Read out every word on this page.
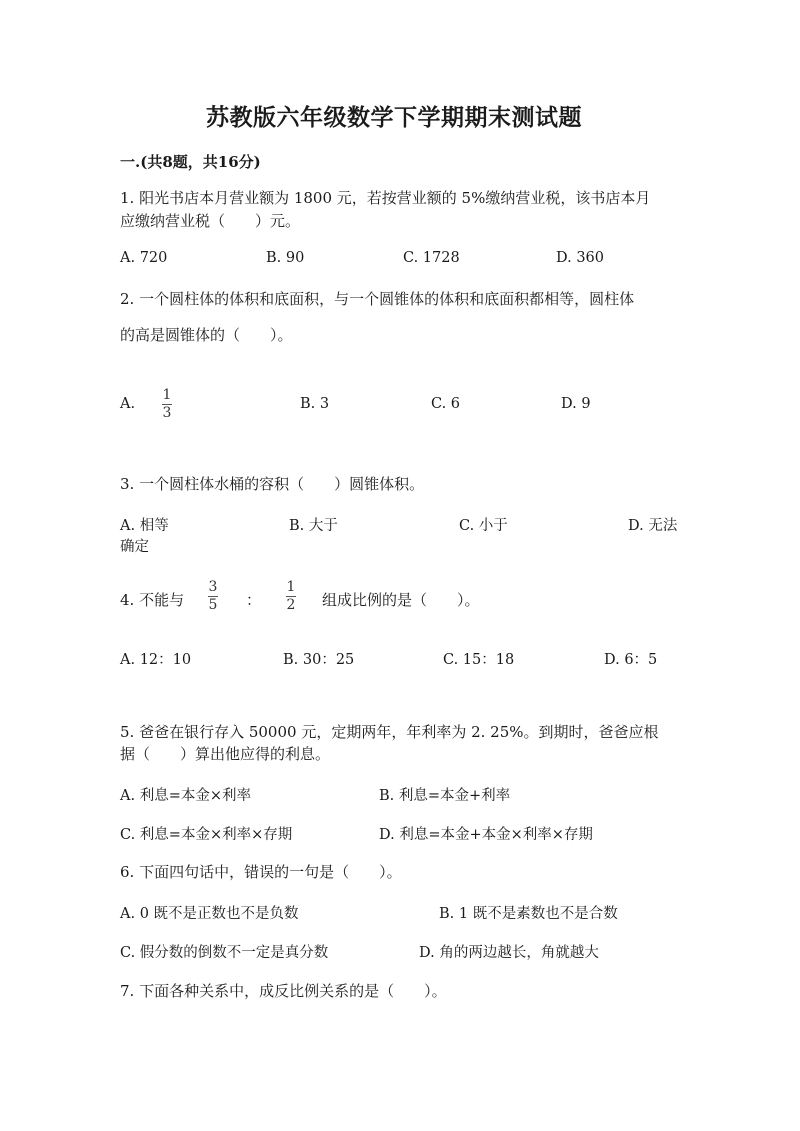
苏教版六年级数学下学期期末测试题
一.(共8题，共16分)
1. 阳光书店本月营业额为 1800 元，若按营业额的 5%缴纳营业税，该书店本月
应缴纳营业税（　　）元。
A. 720	B. 90	C. 1728	D. 360
2. 一个圆柱体的体积和底面积，与一个圆锥体的体积和底面积都相等，圆柱体
的高是圆锥体的（　　）。
A.
1
3
B. 3	C. 6	D. 9
3. 一个圆柱体水桶的容积（　　）圆锥体积。
A. 相等	B. 大于	C. 小于	D. 无法
确定
4. 不能与
3
5 ：
1
2 组成比例的是（　　）。
A. 12：10	B. 30：25	C. 15：18	D. 6：5
5. 爸爸在银行存入 50000 元，定期两年，年利率为 2. 25%。到期时，爸爸应根
据（　　）算出他应得的利息。
A. 利息=本金×利率	B. 利息=本金+利率
C. 利息=本金×利率×存期	D. 利息=本金+本金×利率×存期
6. 下面四句话中，错误的一句是（　　）。
A. 0 既不是正数也不是负数	B. 1 既不是素数也不是合数
C. 假分数的倒数不一定是真分数	D. 角的两边越长，角就越大
7. 下面各种关系中，成反比例关系的是（　　）。
